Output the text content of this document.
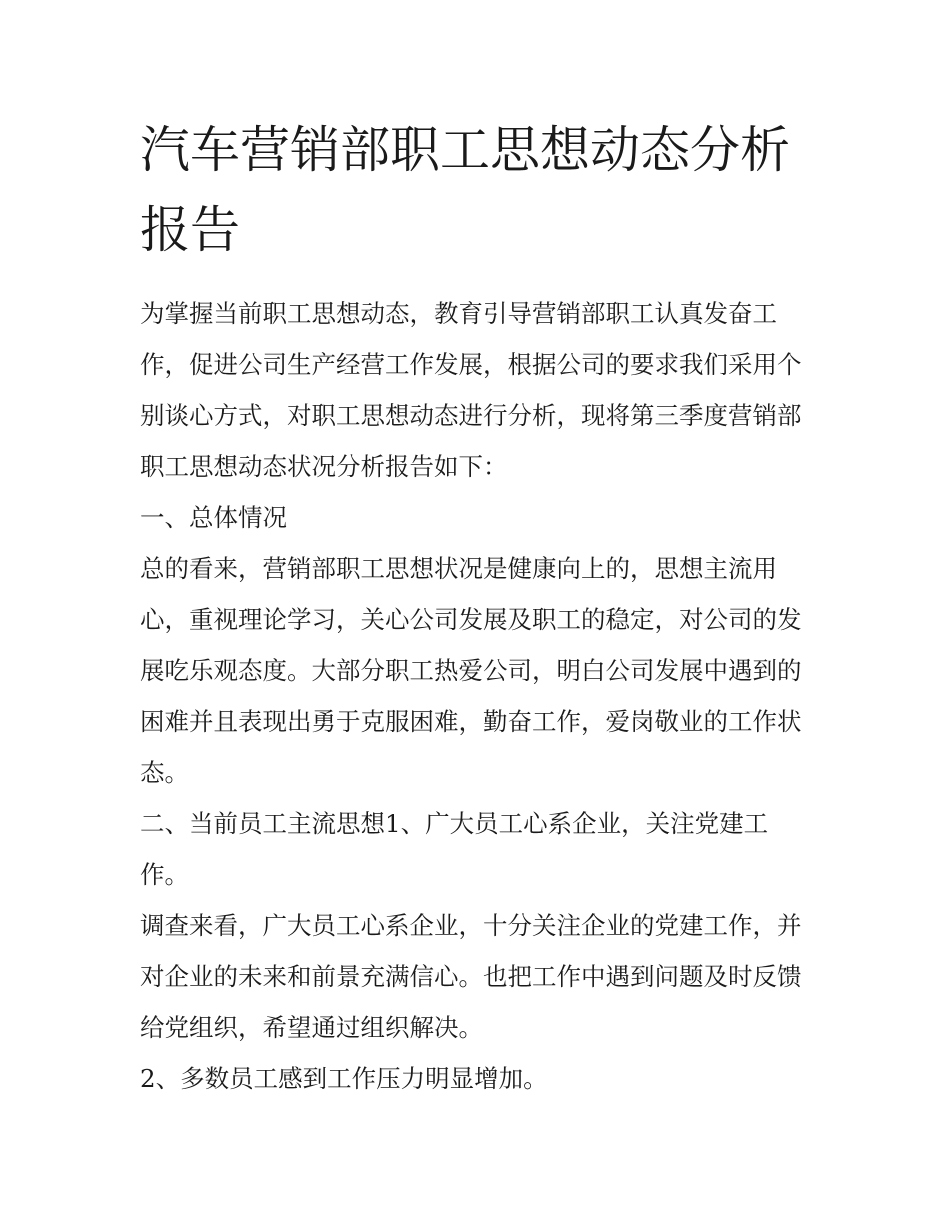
汽车营销部职工思想动态分析报告

为掌握当前职工思想动态，教育引导营销部职工认真发奋工作，促进公司生产经营工作发展，根据公司的要求我们采用个别谈心方式，对职工思想动态进行分析，现将第三季度营销部职工思想动态状况分析报告如下：

一、总体情况

总的看来，营销部职工思想状况是健康向上的，思想主流用心，重视理论学习，关心公司发展及职工的稳定，对公司的发展吃乐观态度。大部分职工热爱公司，明白公司发展中遇到的困难并且表现出勇于克服困难，勤奋工作，爱岗敬业的工作状态。

二、当前员工主流思想1、广大员工心系企业，关注党建工作。

调查来看，广大员工心系企业，十分关注企业的党建工作，并对企业的未来和前景充满信心。也把工作中遇到问题及时反馈给党组织，希望通过组织解决。

2、多数员工感到工作压力明显增加。
